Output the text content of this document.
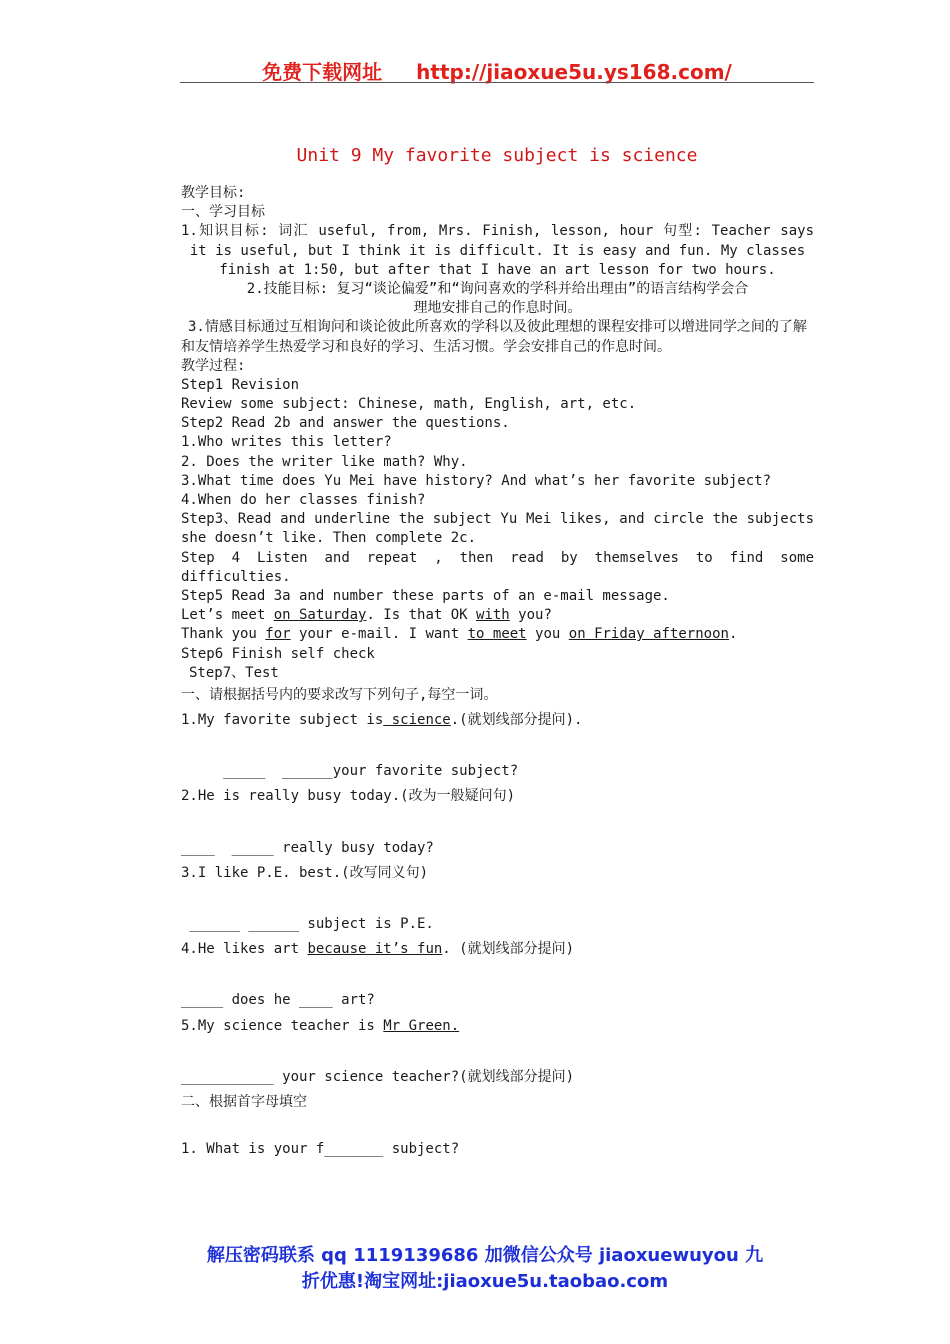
免费下载网址 http://jiaoxue5u.ys168.com/
Unit 9 My favorite subject is science
教学目标:
一、学习目标
1.知识目标: 词汇 useful, from, Mrs. Finish, lesson, hour 句型: Teacher says
it is useful, but I think it is difficult. It is easy and fun. My classes
finish at 1:50, but after that I have an art lesson for two hours.
2.技能目标: 复习“谈论偏爱”和“询问喜欢的学科并给出理由”的语言结构学会合
理地安排自己的作息时间。
3.情感目标通过互相询问和谈论彼此所喜欢的学科以及彼此理想的课程安排可以增进同学之间的了解和友情培养学生热爱学习和良好的学习、生活习惯。学会安排自己的作息时间。
教学过程:
Step1 Revision
Review some subject: Chinese, math, English, art, etc.
Step2 Read 2b and answer the questions.
1.Who writes this letter?
2. Does the writer like math? Why.
3.What time does Yu Mei have history? And what’s her favorite subject?
4.When do her classes finish?
Step3、Read and underline the subject Yu Mei likes, and circle the subjects
she doesn’t like. Then complete 2c.
Step 4 Listen and repeat , then read by themselves to find some
difficulties.
Step5 Read 3a and number these parts of an e-mail message.
Let’s meet on Saturday. Is that OK with you?
Thank you for your e-mail. I want to meet you on Friday afternoon.
Step6 Finish self check
Step7、Test
一、请根据括号内的要求改写下列句子,每空一词。
1.My favorite subject is science.(就划线部分提问).
_____  ______your favorite subject?
2.He is really busy today.(改为一般疑问句)
____  _____ really busy today?
3.I like P.E. best.(改写同义句)
______ ______ subject is P.E.
4.He likes art because it’s fun. (就划线部分提问)
_____ does he ____ art?
5.My science teacher is Mr Green.
___________ your science teacher?(就划线部分提问)
二、根据首字母填空
1. What is your f_______ subject?
解压密码联系 qq 1119139686 加微信公众号 jiaoxuewuyou 九
折优惠!淘宝网址:jiaoxue5u.taobao.com
